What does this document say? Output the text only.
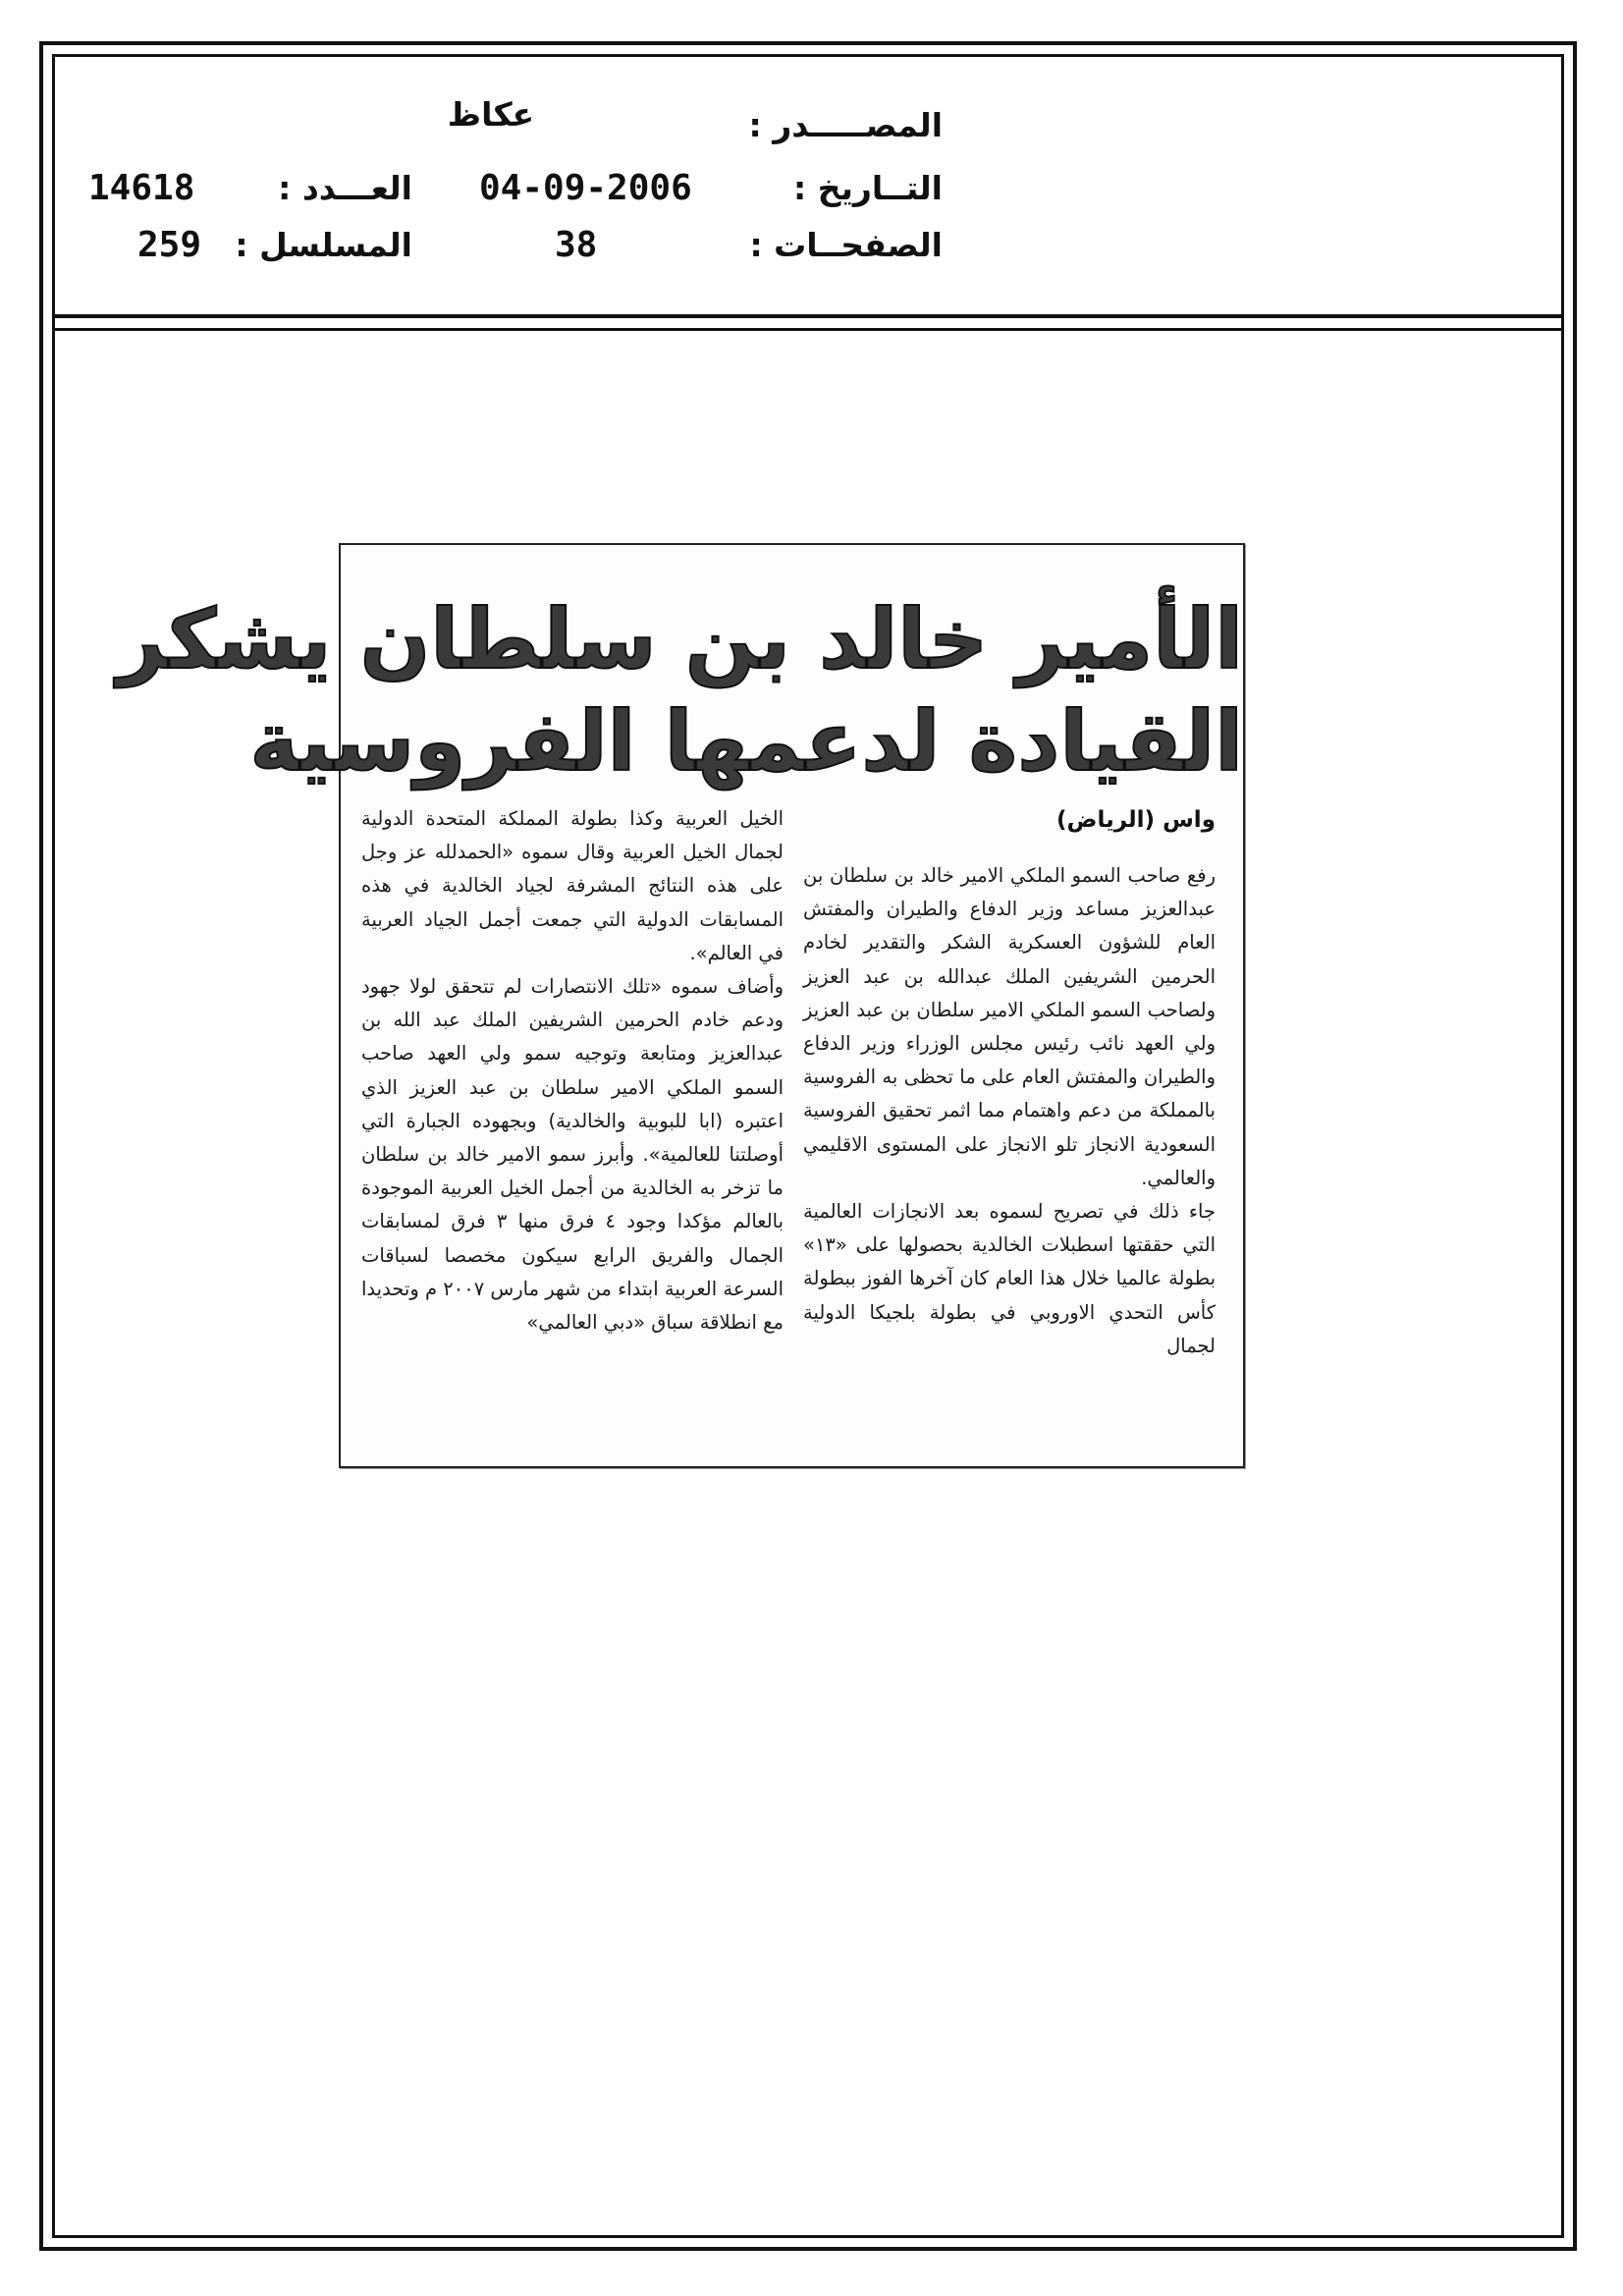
المصـــــدر :
عكاظ
التــاريخ :
04-09-2006
العـــدد :
14618
الصفحــات :
38
المسلسل :
259
الأمير خالد بن سلطان يشكر
القيادة لدعمها الفروسية
واس (الرياض)

رفع صاحب السمو الملكي الامير خالد بن سلطان بن عبدالعزيز مساعد وزير الدفاع والطيران والمفتش العام للشؤون العسكرية الشكر والتقدير لخادم الحرمين الشريفين الملك عبدالله بن عبد العزيز ولصاحب السمو الملكي الامير سلطان بن عبد العزيز ولي العهد نائب رئيس مجلس الوزراء وزير الدفاع والطيران والمفتش العام على ما تحظى به الفروسية بالمملكة من دعم واهتمام مما اثمر تحقيق الفروسية السعودية الانجاز تلو الانجاز على المستوى الاقليمي والعالمي.

جاء ذلك في تصريح لسموه بعد الانجازات العالمية التي حققتها اسطبلات الخالدية بحصولها على «١٣» بطولة عالميا خلال هذا العام كان آخرها الفوز ببطولة كأس التحدي الاوروبي في بطولة بلجيكا الدولية لجمال

الخيل العربية وكذا بطولة المملكة المتحدة الدولية لجمال الخيل العربية وقال سموه «الحمدلله عز وجل على هذه النتائج المشرفة لجياد الخالدية في هذه المسابقات الدولية التي جمعت أجمل الجياد العربية في العالم».

وأضاف سموه «تلك الانتصارات لم تتحقق لولا جهود ودعم خادم الحرمين الشريفين الملك عبد الله بن عبدالعزيز ومتابعة وتوجيه سمو ولي العهد صاحب السمو الملكي الامير سلطان بن عبد العزيز الذي اعتبره (ابا للبوبية والخالدية) وبجهوده الجبارة التي أوصلتنا للعالمية». وأبرز سمو الامير خالد بن سلطان ما تزخر به الخالدية من أجمل الخيل العربية الموجودة بالعالم مؤكدا وجود ٤ فرق منها ٣ فرق لمسابقات الجمال والفريق الرابع سيكون مخصصا لسباقات السرعة العربية ابتداء من شهر مارس ٢٠٠٧ م وتحديدا مع انطلاقة سباق «دبي العالمي»
